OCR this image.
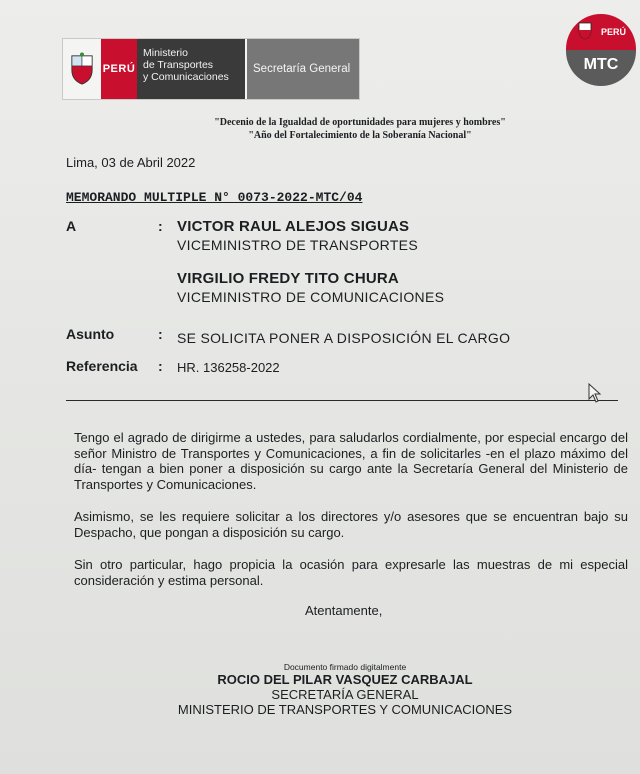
PERÚ
Ministerio
de Transportes
y Comunicaciones
Secretaría General
PERÚ
MTC
"Decenio de la Igualdad de oportunidades para mujeres y hombres"
"Año del Fortalecimiento de la Soberanía Nacional"
Lima, 03 de Abril 2022
MEMORANDO MULTIPLE N° 0073-2022-MTC/04
A	: VICTOR RAUL ALEJOS SIGUAS
VICEMINISTRO DE TRANSPORTES
VIRGILIO FREDY TITO CHURA
VICEMINISTRO DE COMUNICACIONES
Asunto	: SE SOLICITA PONER A DISPOSICIÓN EL CARGO
Referencia : HR. 136258-2022

Tengo el agrado de dirigirme a ustedes, para saludarlos cordialmente, por especial encargo del señor Ministro de Transportes y Comunicaciones, a fin de solicitarles -en el plazo máximo del día- tengan a bien poner a disposición su cargo ante la Secretaría General del Ministerio de Transportes y Comunicaciones.

Asimismo, se les requiere solicitar a los directores y/o asesores que se encuentran bajo su Despacho, que pongan a disposición su cargo.

Sin otro particular, hago propicia la ocasión para expresarle las muestras de mi especial consideración y estima personal.

Atentamente,
Documento firmado digitalmente
ROCIO DEL PILAR VASQUEZ CARBAJAL
SECRETARÍA GENERAL
MINISTERIO DE TRANSPORTES Y COMUNICACIONES
